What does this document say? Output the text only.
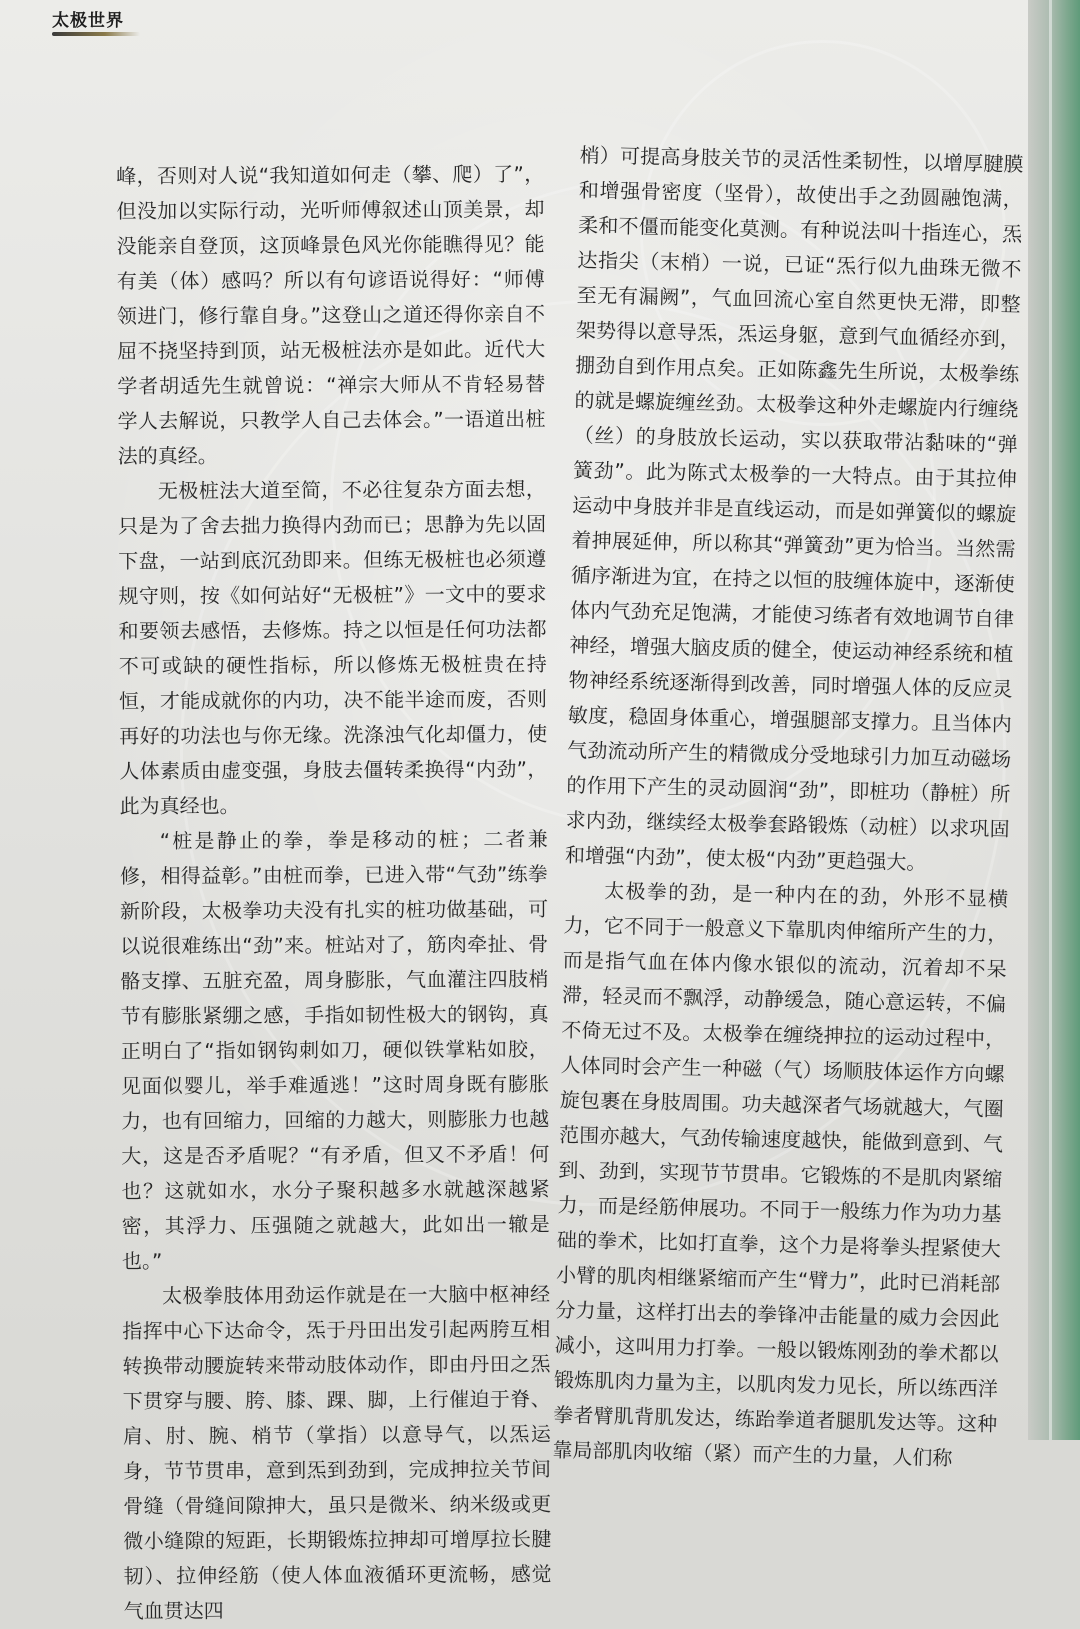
太极世界

峰，否则对人说“我知道如何走（攀、爬）了”，但没加以实际行动，光听师傅叙述山顶美景，却没能亲自登顶，这顶峰景色风光你能瞧得见？能有美（体）感吗？所以有句谚语说得好：“师傅领进门，修行靠自身。”这登山之道还得你亲自不屈不挠坚持到顶，站无极桩法亦是如此。近代大学者胡适先生就曾说：“禅宗大师从不肯轻易替学人去解说，只教学人自己去体会。”一语道出桩法的真经。

无极桩法大道至简，不必往复杂方面去想，只是为了舍去拙力换得内劲而已；思静为先以固下盘，一站到底沉劲即来。但练无极桩也必须遵规守则，按《如何站好“无极桩”》一文中的要求和要领去感悟，去修炼。持之以恒是任何功法都不可或缺的硬性指标，所以修炼无极桩贵在持恒，才能成就你的内功，决不能半途而废，否则再好的功法也与你无缘。洗涤浊气化却僵力，使人体素质由虚变强，身肢去僵转柔换得“内劲”，此为真经也。

“桩是静止的拳，拳是移动的桩；二者兼修，相得益彰。”由桩而拳，已进入带“气劲”练拳新阶段，太极拳功夫没有扎实的桩功做基础，可以说很难练出“劲”来。桩站对了，筋肉牵扯、骨骼支撑、五脏充盈，周身膨胀，气血灌注四肢梢节有膨胀紧绷之感，手指如韧性极大的钢钩，真正明白了“指如钢钩刺如刀，硬似铁掌粘如胶，见面似婴儿，举手难遁逃！”这时周身既有膨胀力，也有回缩力，回缩的力越大，则膨胀力也越大，这是否矛盾呢？“有矛盾，但又不矛盾！何也？这就如水，水分子聚积越多水就越深越紧密，其浮力、压强随之就越大，此如出一辙是也。”

太极拳肢体用劲运作就是在一大脑中枢神经指挥中心下达命令，炁于丹田出发引起两胯互相转换带动腰旋转来带动肢体动作，即由丹田之炁下贯穿与腰、胯、膝、踝、脚，上行催迫于脊、肩、肘、腕、梢节（掌指）以意导气，以炁运身，节节贯串，意到炁到劲到，完成抻拉关节间骨缝（骨缝间隙抻大，虽只是微米、纳米级或更微小缝隙的短距，长期锻炼拉抻却可增厚拉长腱韧）、拉伸经筋（使人体血液循环更流畅，感觉气血贯达四

梢）可提高身肢关节的灵活性柔韧性，以增厚腱膜和增强骨密度（坚骨），故使出手之劲圆融饱满，柔和不僵而能变化莫测。有种说法叫十指连心，炁达指尖（末梢）一说，已证“炁行似九曲珠无微不至无有漏阙”，气血回流心室自然更快无滞，即整架势得以意导炁，炁运身躯，意到气血循经亦到，掤劲自到作用点矣。正如陈鑫先生所说，太极拳练的就是螺旋缠丝劲。太极拳这种外走螺旋内行缠绕（丝）的身肢放长运动，实以获取带沾黏味的“弹簧劲”。此为陈式太极拳的一大特点。由于其拉伸运动中身肢并非是直线运动，而是如弹簧似的螺旋着抻展延伸，所以称其“弹簧劲”更为恰当。当然需循序渐进为宜，在持之以恒的肢缠体旋中，逐渐使体内气劲充足饱满，才能使习练者有效地调节自律神经，增强大脑皮质的健全，使运动神经系统和植物神经系统逐渐得到改善，同时增强人体的反应灵敏度，稳固身体重心，增强腿部支撑力。且当体内气劲流动所产生的精微成分受地球引力加互动磁场的作用下产生的灵动圆润“劲”，即桩功（静桩）所求内劲，继续经太极拳套路锻炼（动桩）以求巩固和增强“内劲”，使太极“内劲”更趋强大。

太极拳的劲，是一种内在的劲，外形不显横力，它不同于一般意义下靠肌肉伸缩所产生的力，而是指气血在体内像水银似的流动，沉着却不呆滞，轻灵而不飘浮，动静缓急，随心意运转，不偏不倚无过不及。太极拳在缠绕抻拉的运动过程中，人体同时会产生一种磁（气）场顺肢体运作方向螺旋包裹在身肢周围。功夫越深者气场就越大，气圈范围亦越大，气劲传输速度越快，能做到意到、气到、劲到，实现节节贯串。它锻炼的不是肌肉紧缩力，而是经筋伸展功。不同于一般练力作为功力基础的拳术，比如打直拳，这个力是将拳头捏紧使大小臂的肌肉相继紧缩而产生“臂力”，此时已消耗部分力量，这样打出去的拳锋冲击能量的威力会因此减小，这叫用力打拳。一般以锻炼刚劲的拳术都以锻炼肌肉力量为主，以肌肉发力见长，所以练西洋拳者臂肌背肌发达，练跆拳道者腿肌发达等。这种靠局部肌肉收缩（紧）而产生的力量，人们称
